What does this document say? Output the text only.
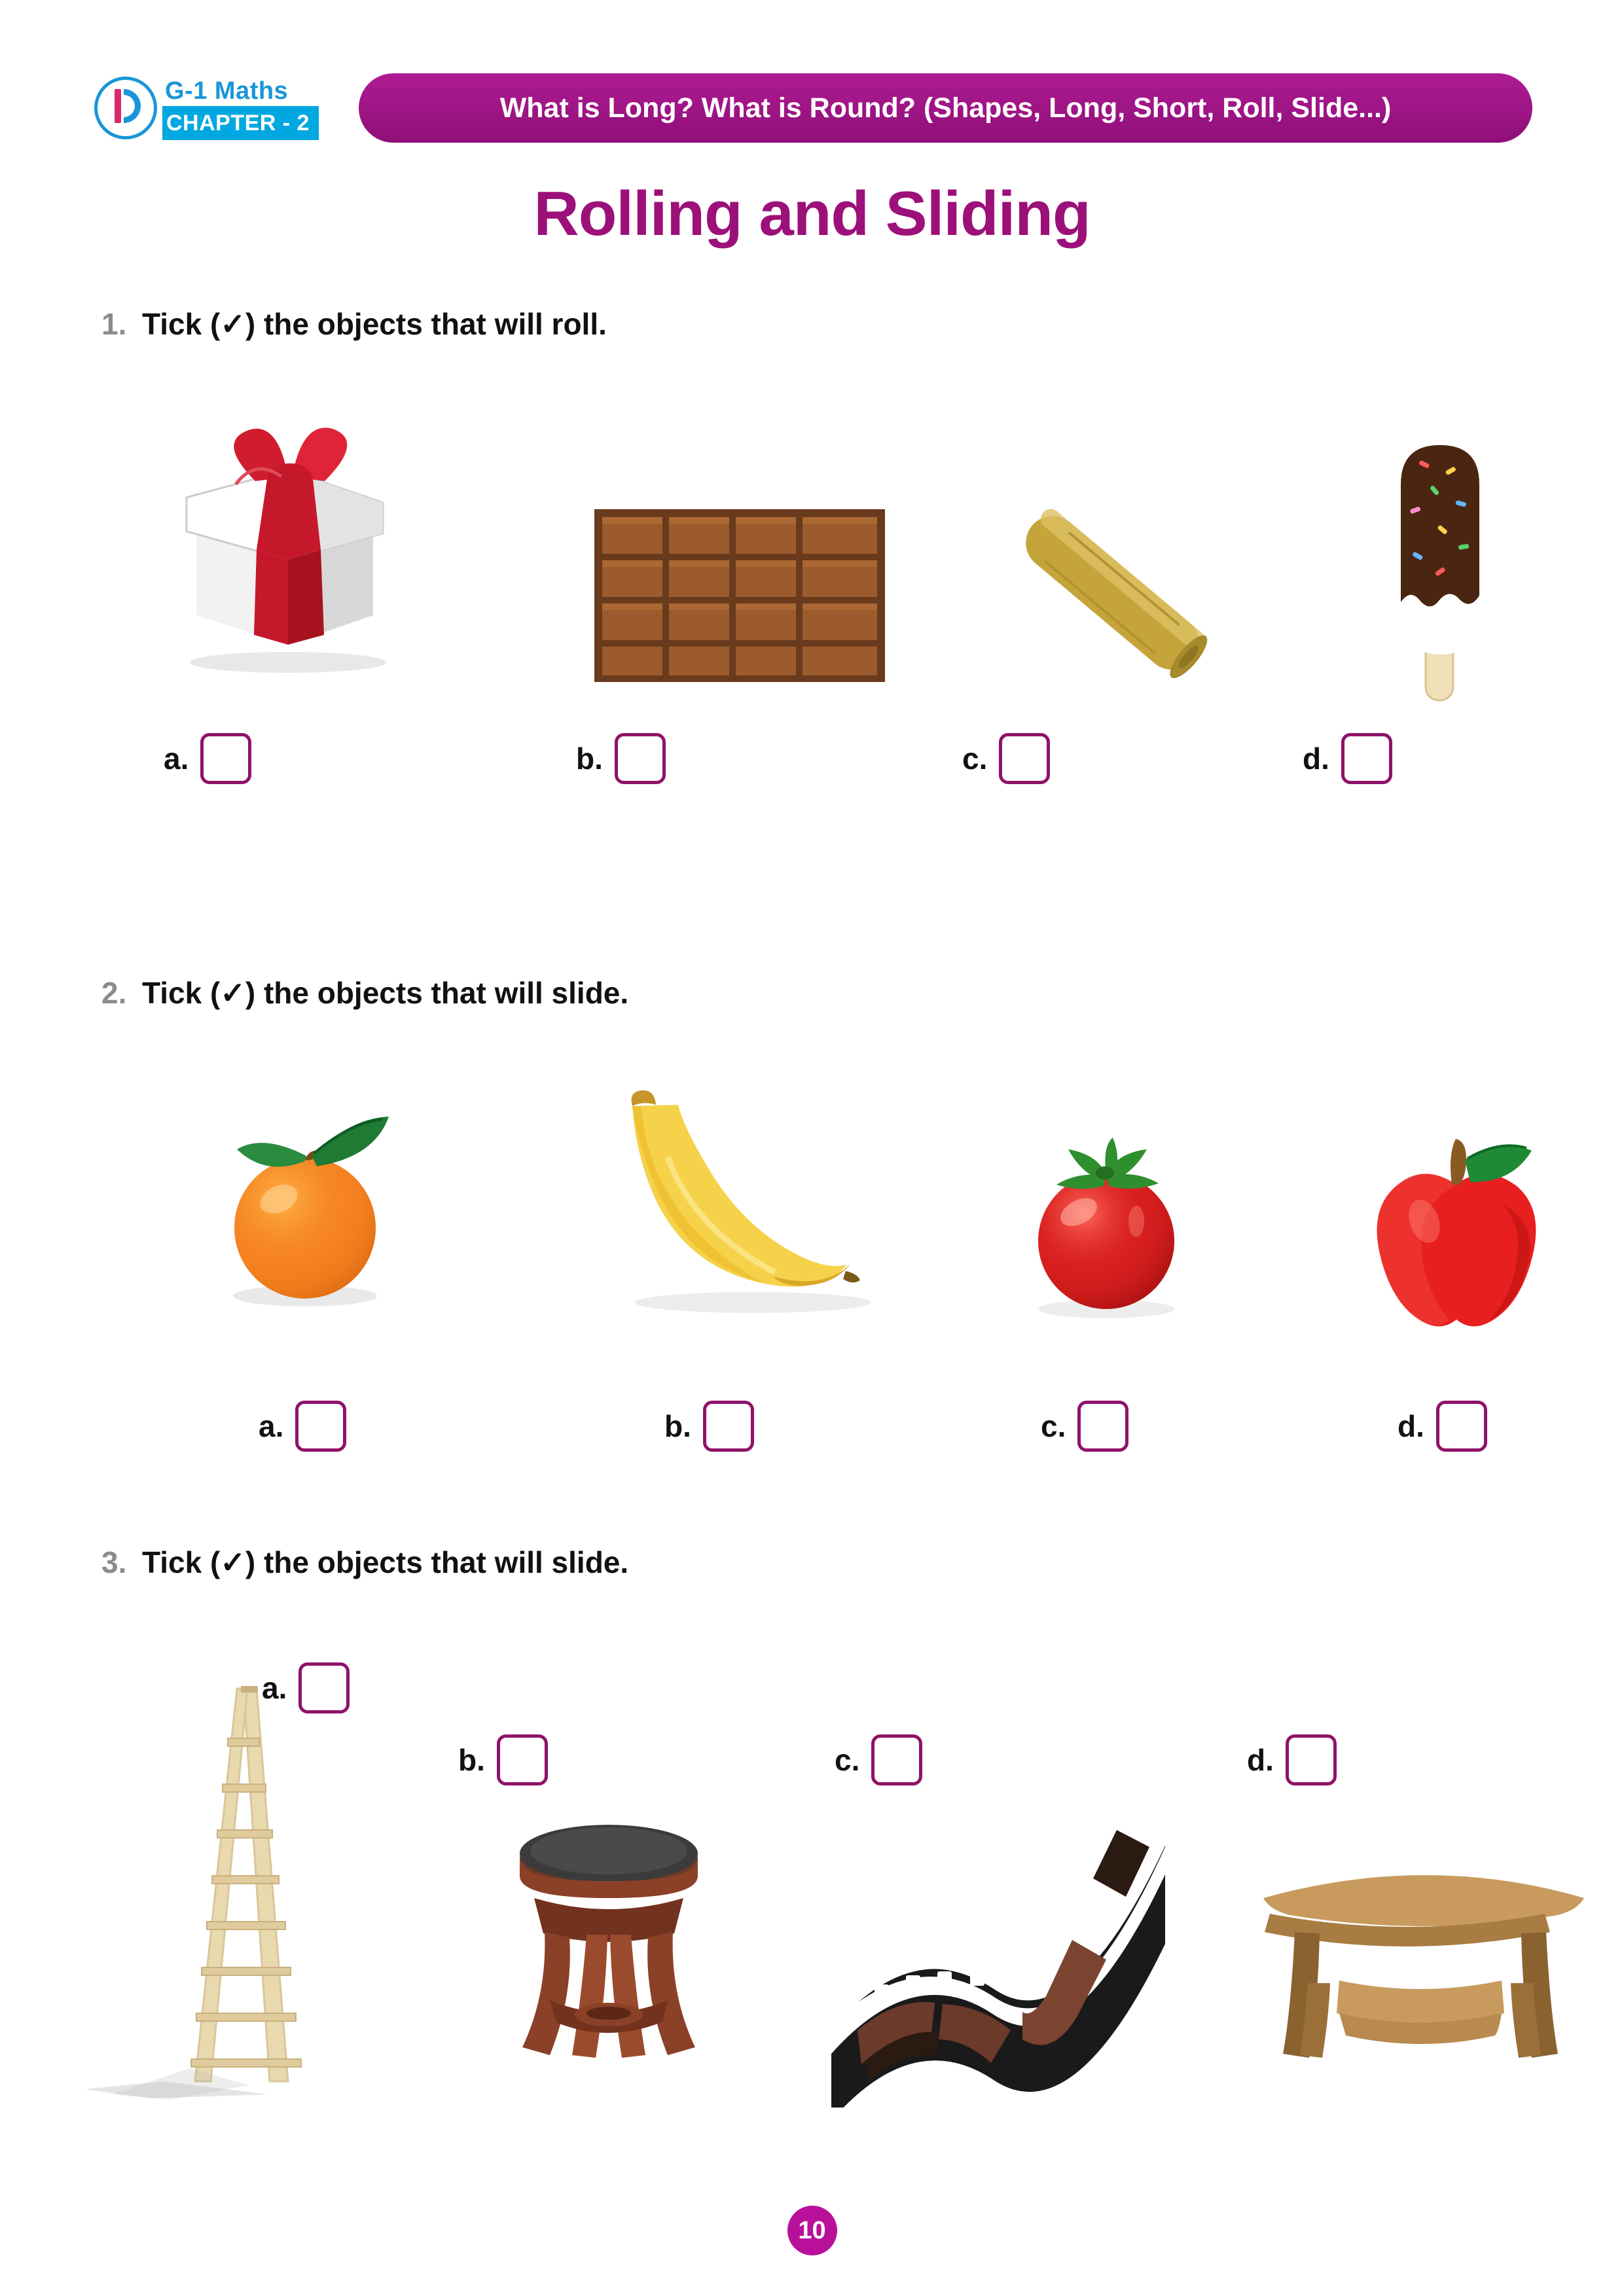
G-1 Maths
CHAPTER - 2	What is Long? What is Round? (Shapes, Long, Short, Roll, Slide...)
Rolling and Sliding
1. Tick (✓) the objects that will roll.
a.	b.	c.	d.
2. Tick (✓) the objects that will slide.
a.	b.	c.	d.
3. Tick (✓) the objects that will slide.
a.
b.	c.	d.
10
